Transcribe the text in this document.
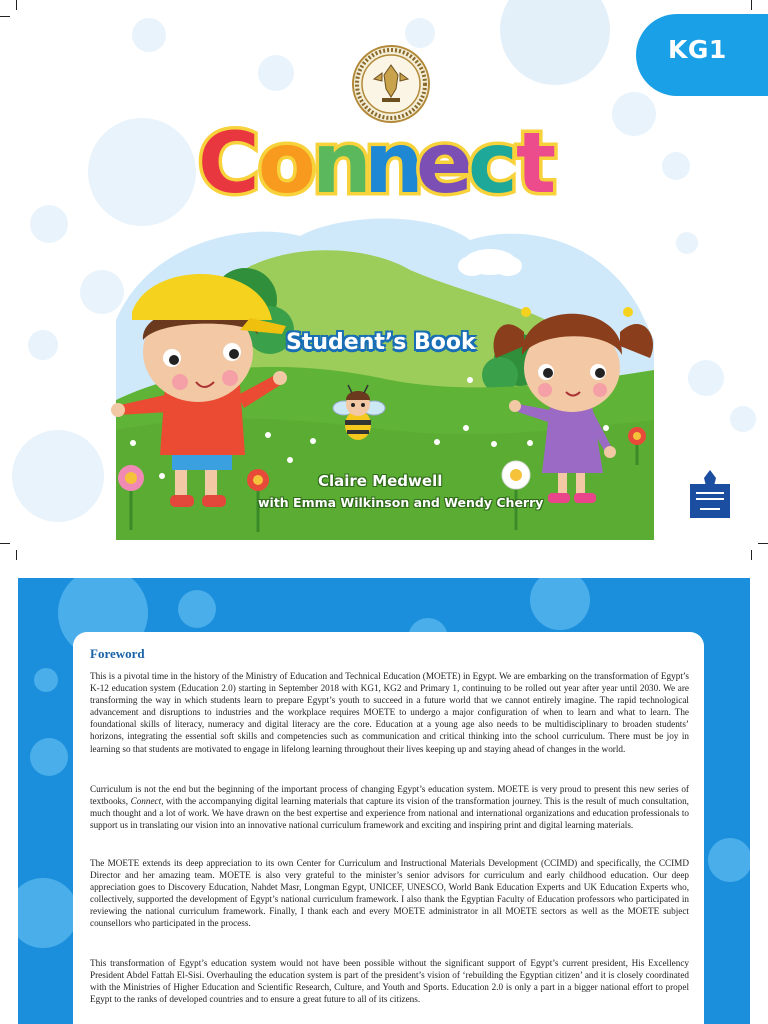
KG1
C
o
n
n
e
c
t
Student’s Book
Claire Medwell
with Emma Wilkinson and Wendy Cherry
Foreword

This is a pivotal time in the history of the Ministry of Education and Technical Education (MOETE) in Egypt. We are embarking on the transformation of Egypt’s K-12 education system (Education 2.0) starting in September 2018 with KG1, KG2 and Primary 1, continuing to be rolled out year after year until 2030. We are transforming the way in which students learn to prepare Egypt’s youth to succeed in a future world that we cannot entirely imagine. The rapid technological advancement and disruptions to industries and the workplace requires MOETE to undergo a major configuration of when to learn and what to learn. The foundational skills of literacy, numeracy and digital literacy are the core. Education at a young age also needs to be multidisciplinary to broaden students’ horizons, integrating the essential soft skills and competencies such as communication and critical thinking into the school curriculum. There must be joy in learning so that students are motivated to engage in lifelong learning throughout their lives keeping up and staying ahead of changes in the world.

Curriculum is not the end but the beginning of the important process of changing Egypt’s education system. MOETE is very proud to present this new series of textbooks, Connect, with the accompanying digital learning materials that capture its vision of the transformation journey. This is the result of much consultation, much thought and a lot of work. We have drawn on the best expertise and experience from national and international organizations and education professionals to support us in translating our vision into an innovative national curriculum framework and exciting and inspiring print and digital learning materials.

The MOETE extends its deep appreciation to its own Center for Curriculum and Instructional Materials Development (CCIMD) and specifically, the CCIMD Director and her amazing team. MOETE is also very grateful to the minister’s senior advisors for curriculum and early childhood education. Our deep appreciation goes to Discovery Education, Nahdet Masr, Longman Egypt, UNICEF, UNESCO, World Bank Education Experts and UK Education Experts who, collectively, supported the development of Egypt’s national curriculum framework. I also thank the Egyptian Faculty of Education professors who participated in reviewing the national curriculum framework. Finally, I thank each and every MOETE administrator in all MOETE sectors as well as the MOETE subject counsellors who participated in the process.

This transformation of Egypt’s education system would not have been possible without the significant support of Egypt’s current president, His Excellency President Abdel Fattah El-Sisi. Overhauling the education system is part of the president’s vision of ‘rebuilding the Egyptian citizen’ and it is closely coordinated with the Ministries of Higher Education and Scientific Research, Culture, and Youth and Sports. Education 2.0 is only a part in a bigger national effort to propel Egypt to the ranks of developed countries and to ensure a great future to all of its citizens.
